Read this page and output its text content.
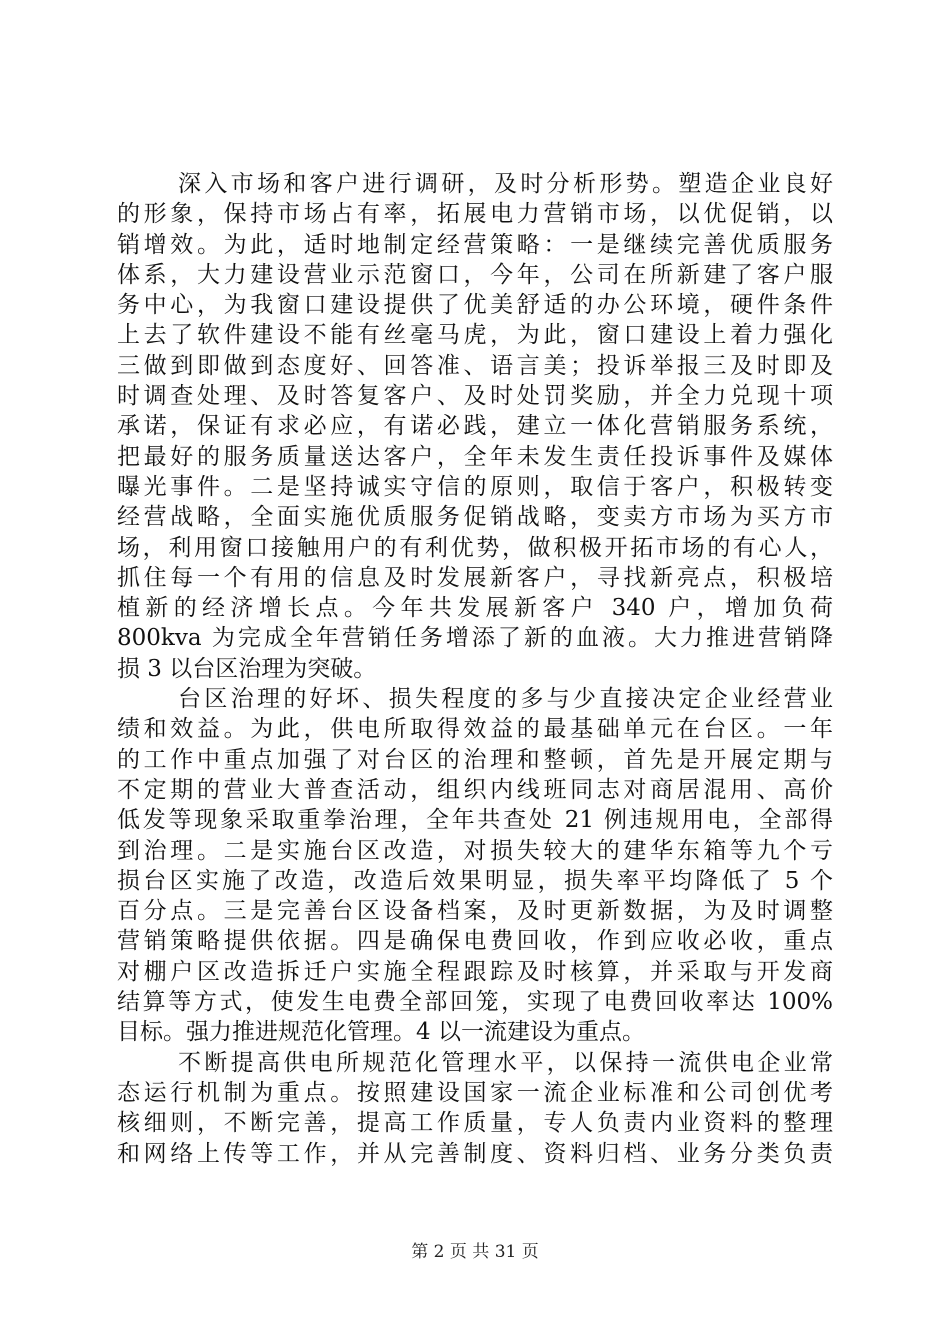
深入市场和客户进行调研，及时分析形势。塑造企业良好
的形象，保持市场占有率，拓展电力营销市场，以优促销，以
销增效。为此，适时地制定经营策略：一是继续完善优质服务
体系，大力建设营业示范窗口，今年，公司在所新建了客户服
务中心，为我窗口建设提供了优美舒适的办公环境，硬件条件
上去了软件建设不能有丝毫马虎，为此，窗口建设上着力强化
三做到即做到态度好、回答准、语言美；投诉举报三及时即及
时调查处理、及时答复客户、及时处罚奖励，并全力兑现十项
承诺，保证有求必应，有诺必践，建立一体化营销服务系统，
把最好的服务质量送达客户，全年未发生责任投诉事件及媒体
曝光事件。二是坚持诚实守信的原则，取信于客户，积极转变
经营战略，全面实施优质服务促销战略，变卖方市场为买方市
场，利用窗口接触用户的有利优势，做积极开拓市场的有心人，
抓住每一个有用的信息及时发展新客户，寻找新亮点，积极培
植新的经济增长点。今年共发展新客户 340 户，增加负荷
800kva 为完成全年营销任务增添了新的血液。大力推进营销降
损 3 以台区治理为突破。
台区治理的好坏、损失程度的多与少直接决定企业经营业
绩和效益。为此，供电所取得效益的最基础单元在台区。一年
的工作中重点加强了对台区的治理和整顿，首先是开展定期与
不定期的营业大普查活动，组织内线班同志对商居混用、高价
低发等现象采取重拳治理，全年共查处 21 例违规用电，全部得
到治理。二是实施台区改造，对损失较大的建华东箱等九个亏
损台区实施了改造，改造后效果明显，损失率平均降低了 5 个
百分点。三是完善台区设备档案，及时更新数据，为及时调整
营销策略提供依据。四是确保电费回收，作到应收必收，重点
对棚户区改造拆迁户实施全程跟踪及时核算，并采取与开发商
结算等方式，使发生电费全部回笼，实现了电费回收率达 100%
目标。强力推进规范化管理。4 以一流建设为重点。
不断提高供电所规范化管理水平，以保持一流供电企业常
态运行机制为重点。按照建设国家一流企业标准和公司创优考
核细则，不断完善，提高工作质量，专人负责内业资料的整理
和网络上传等工作，并从完善制度、资料归档、业务分类负责
第 2 页 共 31 页
